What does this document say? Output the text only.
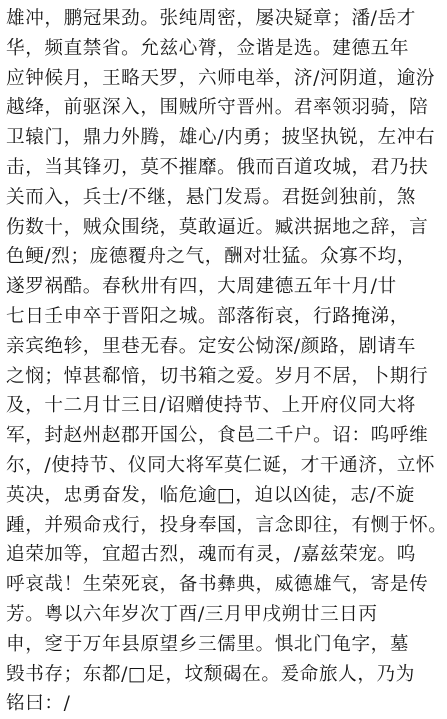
雄冲，鹏冠果劲。张纯周密，屡决疑章；潘/岳才
华，频直禁省。允兹心膂，佥谐是选。建德五年
应钟候月，王略天罗，六师电举，济/河阴道，逾汾
越绛，前驱深入，围贼所守晋州。君率领羽骑，陪
卫辕门，鼎力外腾，雄心/内勇；披坚执锐，左冲右
击，当其锋刃，莫不摧靡。俄而百道攻城，君乃扶
关而入，兵士/不继，悬门发焉。君挺剑独前，煞
伤数十，贼众围绕，莫敢逼近。臧洪据地之辞，言
色鲠/烈；庞德覆舟之气，酬对壮猛。众寡不均，
遂罗祸酷。春秋卅有四，大周建德五年十月/廿
七日壬申卒于晋阳之城。部落衔哀，行路掩涕，
亲宾绝轸，里巷无春。定安公恸深/颜路，剧请车
之悯；悼甚郗愔，切书箱之爱。岁月不居，卜期行
及，十二月廿三日/诏赠使持节、上开府仪同大将
军，封赵州赵郡开国公，食邑二千户。诏：呜呼维
尔，/使持节、仪同大将军莫仁诞，才干通济，立怀
英决，忠勇奋发，临危逾□，迫以凶徒，志/不旋
踵，并殒命戎行，投身奉国，言念即往，有恻于怀。
追荣加等，宜超古烈，魂而有灵，/嘉兹荣宠。呜
呼哀哉！生荣死哀，备书彝典，威德雄气，寄是传
芳。粤以六年岁次丁酉/三月甲戌朔廿三日丙
申，窆于万年县原望乡三儒里。惧北门龟字，墓
毁书存；东都/□足，坟颓碣在。爰命旅人，乃为
铭曰：/
